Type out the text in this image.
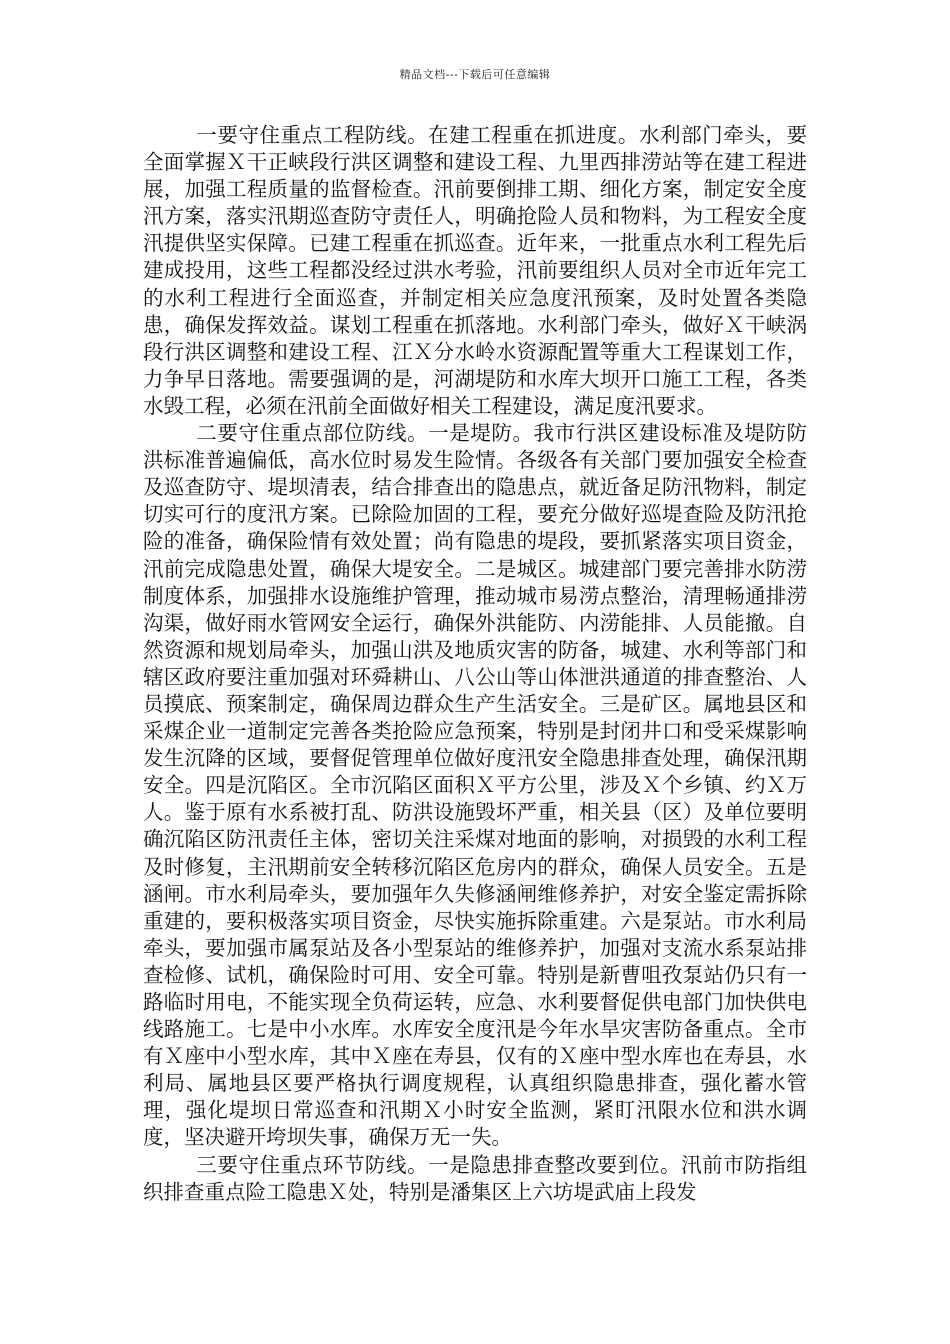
精品文档---下载后可任意编辑

一要守住重点工程防线。在建工程重在抓进度。水利部门牵头，要全面掌握Ｘ干正峡段行洪区调整和建设工程、九里西排涝站等在建工程进展，加强工程质量的监督检查。汛前要倒排工期、细化方案，制定安全度汛方案，落实汛期巡查防守责任人，明确抢险人员和物料，为工程安全度汛提供坚实保障。已建工程重在抓巡查。近年来，一批重点水利工程先后建成投用，这些工程都没经过洪水考验，汛前要组织人员对全市近年完工的水利工程进行全面巡查，并制定相关应急度汛预案，及时处置各类隐患，确保发挥效益。谋划工程重在抓落地。水利部门牵头，做好Ｘ干峡涡段行洪区调整和建设工程、江Ｘ分水岭水资源配置等重大工程谋划工作，力争早日落地。需要强调的是，河湖堤防和水库大坝开口施工工程，各类水毁工程，必须在汛前全面做好相关工程建设，满足度汛要求。

二要守住重点部位防线。一是堤防。我市行洪区建设标准及堤防防洪标准普遍偏低，高水位时易发生险情。各级各有关部门要加强安全检查及巡查防守、堤坝清表，结合排查出的隐患点，就近备足防汛物料，制定切实可行的度汛方案。已除险加固的工程，要充分做好巡堤查险及防汛抢险的准备，确保险情有效处置；尚有隐患的堤段，要抓紧落实项目资金，汛前完成隐患处置，确保大堤安全。二是城区。城建部门要完善排水防涝制度体系，加强排水设施维护管理，推动城市易涝点整治，清理畅通排涝沟渠，做好雨水管网安全运行，确保外洪能防、内涝能排、人员能撤。自然资源和规划局牵头，加强山洪及地质灾害的防备，城建、水利等部门和辖区政府要注重加强对环舜耕山、八公山等山体泄洪通道的排查整治、人员摸底、预案制定，确保周边群众生产生活安全。三是矿区。属地县区和采煤企业一道制定完善各类抢险应急预案，特别是封闭井口和受采煤影响发生沉降的区域，要督促管理单位做好度汛安全隐患排查处理，确保汛期安全。四是沉陷区。全市沉陷区面积Ｘ平方公里，涉及Ｘ个乡镇、约Ｘ万人。鉴于原有水系被打乱、防洪设施毁坏严重，相关县（区）及单位要明确沉陷区防汛责任主体，密切关注采煤对地面的影响，对损毁的水利工程及时修复，主汛期前安全转移沉陷区危房内的群众，确保人员安全。五是涵闸。市水利局牵头，要加强年久失修涵闸维修养护，对安全鉴定需拆除重建的，要积极落实项目资金，尽快实施拆除重建。六是泵站。市水利局牵头，要加强市属泵站及各小型泵站的维修养护，加强对支流水系泵站排查检修、试机，确保险时可用、安全可靠。特别是新曹咀孜泵站仍只有一路临时用电，不能实现全负荷运转，应急、水利要督促供电部门加快供电线路施工。七是中小水库。水库安全度汛是今年水旱灾害防备重点。全市有Ｘ座中小型水库，其中Ｘ座在寿县，仅有的Ｘ座中型水库也在寿县，水利局、属地县区要严格执行调度规程，认真组织隐患排查，强化蓄水管理，强化堤坝日常巡查和汛期Ｘ小时安全监测，紧盯汛限水位和洪水调度，坚决避开垮坝失事，确保万无一失。

三要守住重点环节防线。一是隐患排查整改要到位。汛前市防指组织排查重点险工隐患Ｘ处，特别是潘集区上六坊堤武庙上段发
